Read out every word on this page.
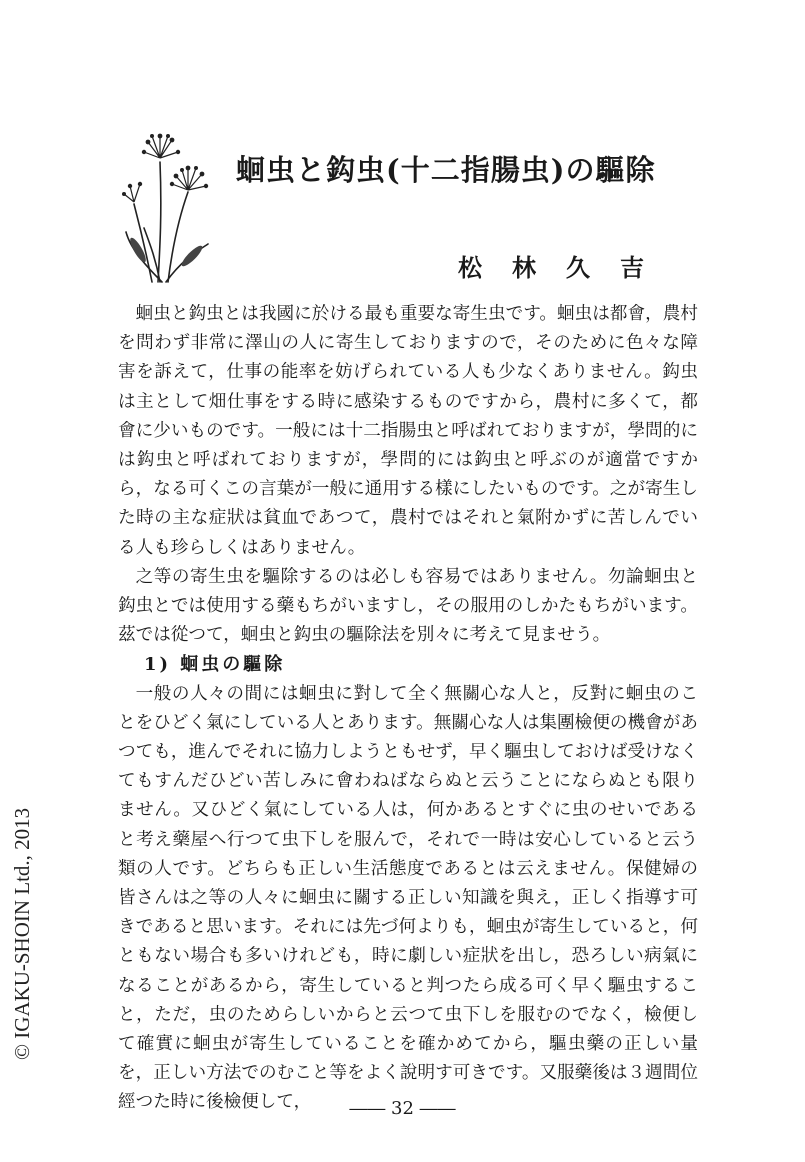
蛔虫と鈎虫(十二指腸虫)の驅除
松林久吉

蛔虫と鈎虫とは我國に於ける最も重要な寄生虫です。蛔虫は都會，農村を問わず非常に澤山の人に寄生しておりますので，そのために色々な障害を訴えて，仕事の能率を妨げられている人も少なくありません。鈎虫は主として畑仕事をする時に感染するものですから，農村に多くて，都會に少いものです。一般には十二指腸虫と呼ばれておりますが，學問的には鈎虫と呼ばれておりますが，學問的には鈎虫と呼ぶのが適當ですから，なる可くこの言葉が一般に通用する樣にしたいものです。之が寄生した時の主な症狀は貧血であつて，農村ではそれと氣附かずに苦しんでいる人も珍らしくはありません。

之等の寄生虫を驅除するのは必しも容易ではありません。勿論蛔虫と鈎虫とでは使用する藥もちがいますし，その服用のしかたもちがいます。茲では從つて，蛔虫と鈎虫の驅除法を別々に考えて見ませう。

1) 蛔虫の驅除

一般の人々の間には蛔虫に對して全く無關心な人と，反對に蛔虫のことをひどく氣にしている人とあります。無關心な人は集團檢便の機會があつても，進んでそれに協力しようともせず，早く驅虫しておけば受けなくてもすんだひどい苦しみに會わねばならぬと云うことにならぬとも限りません。又ひどく氣にしている人は，何かあるとすぐに虫のせいであると考え藥屋へ行つて虫下しを服んで，それで一時は安心していると云う類の人です。どちらも正しい生活態度であるとは云えません。保健婦の皆さんは之等の人々に蛔虫に關する正しい知識を與え，正しく指導す可きであると思います。それには先づ何よりも，蛔虫が寄生していると，何ともない場合も多いけれども，時に劇しい症狀を出し，恐ろしい病氣になることがあるから，寄生していると判つたら成る可く早く驅虫すること，ただ，虫のためらしいからと云つて虫下しを服むのでなく，檢便して確實に蛔虫が寄生していることを確かめてから，驅虫藥の正しい量を，正しい方法でのむこと等をよく說明す可きです。又服藥後は３週間位經つた時に後檢便して，	―― 32 ――
© IGAKU-SHOIN Ltd., 2013
